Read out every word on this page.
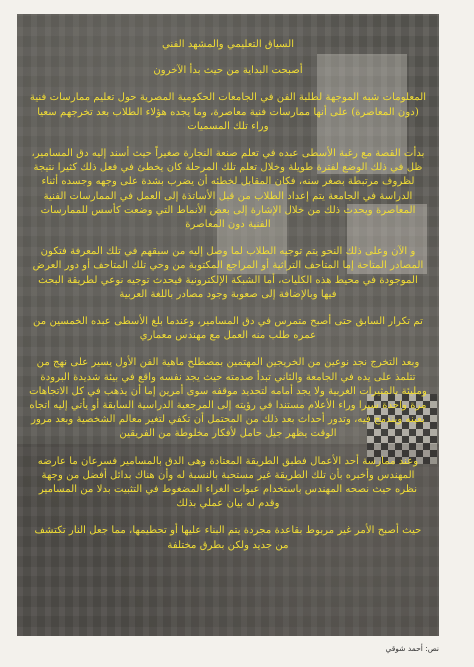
السياق التعليمي والمشهد الفني

أصبحت البداية من حيث بدأ الآخرون

المعلومات شبه الموجهة لطلبة الفن في الجامعات الحكومية المصرية حول تعليم ممارسات فنية (دون المعاصرة) على أنها ممارسات فنية معاصرة، وما يجده هؤلاء الطلاب بعد تخرجهم سعيا وراء تلك المسميات

بدأت القصة مع رغبة الأسطى عبده في تعلم صنعة النجارة صغيراً حيث أسند إليه دق المسامير، ظل في ذلك الوضع لفترة طويلة وخلال تعلم تلك المرحلة كان يخطئ في فعل ذلك كثيرا نتيجة لظروف مرتبطة بصغر سنه، فكان المقابل لخطئه أن يضرب بشدة على وجهه وجسده أثناء الدراسة في الجامعة يتم إعداد الطلاب من قبل الأساتذة إلى العمل في الممارسات الفنية المعاصرة ويحدث ذلك من خلال الإشارة إلى بعض الأنماط التي وضعت كأسس للممارسات الفنية دون المعاصرة

و الآن وعلى ذلك النحو يتم توجيه الطلاب لما وصل إليه من سبقهم في تلك المعرفة فتكون المصادر المتاحة إما المتاحف التراثية أو المراجع المكتوبة من وحي تلك المتاحف أو دور العرض الموجودة في محيط هذه الكليات، أما الشبكة الإلكترونية فيحدث توجيه نوعي لطريقة البحث فيها وبالإضافة إلى صعوبة وجود مصادر باللغة العربية

تم تكرار السابق حتى أصبح متمرس في دق المسامير، وعندما بلغ الأسطى عبده الخمسين من عمره طلب منه العمل مع مهندس معماري

وبعد التخرج نجد نوعين من الخريجين المهتمين بمصطلح ماهية الفن الأول يسير على نهج من تتلمذ على يده في الجامعة والثاني تبدأ صدمته حيث يجد نفسه واقع في بيئة شديدة البرودة ومليئة بالمثيرات الغربية ولا يجد أمامه لتحديد موقفه سوى أمرين إما أن يذهب في كل الاتجاهات مرة واحدة سيرا وراء الأعلام مستندا في رؤيته إلى المرجعية الدراسية السابقة أو يأتي إليه اتجاه بعينه ويندمج فيه، وتدور أحداث بعد ذلك من المحتمل أن تكفي لتغير معالم الشخصية وبعد مرور الوقت يظهر جيل حامل لأفكار مخلوطة من الفريقين

وعند ممارسة أحد الأعمال فطبق الطريقة المعتادة وهى الدق بالمسامير فسرعان ما عارضه المهندس وأخبره بأن تلك الطريقة غير مستحبة بالنسبة له وأن هناك بدائل أفضل من وجهة نظره حيث نصحه المهندس باستخدام عبوات الغراء المضغوط في التثبيت بدلا من المسامير وقدم له بيان عملي بذلك

حيث أصبح الأمر غير مربوط بقاعدة مجردة يتم البناء عليها أو تحطيمها، مما جعل النار تكتشف من جديد ولكن بطرق مختلفة

نص: أحمد شوقي
